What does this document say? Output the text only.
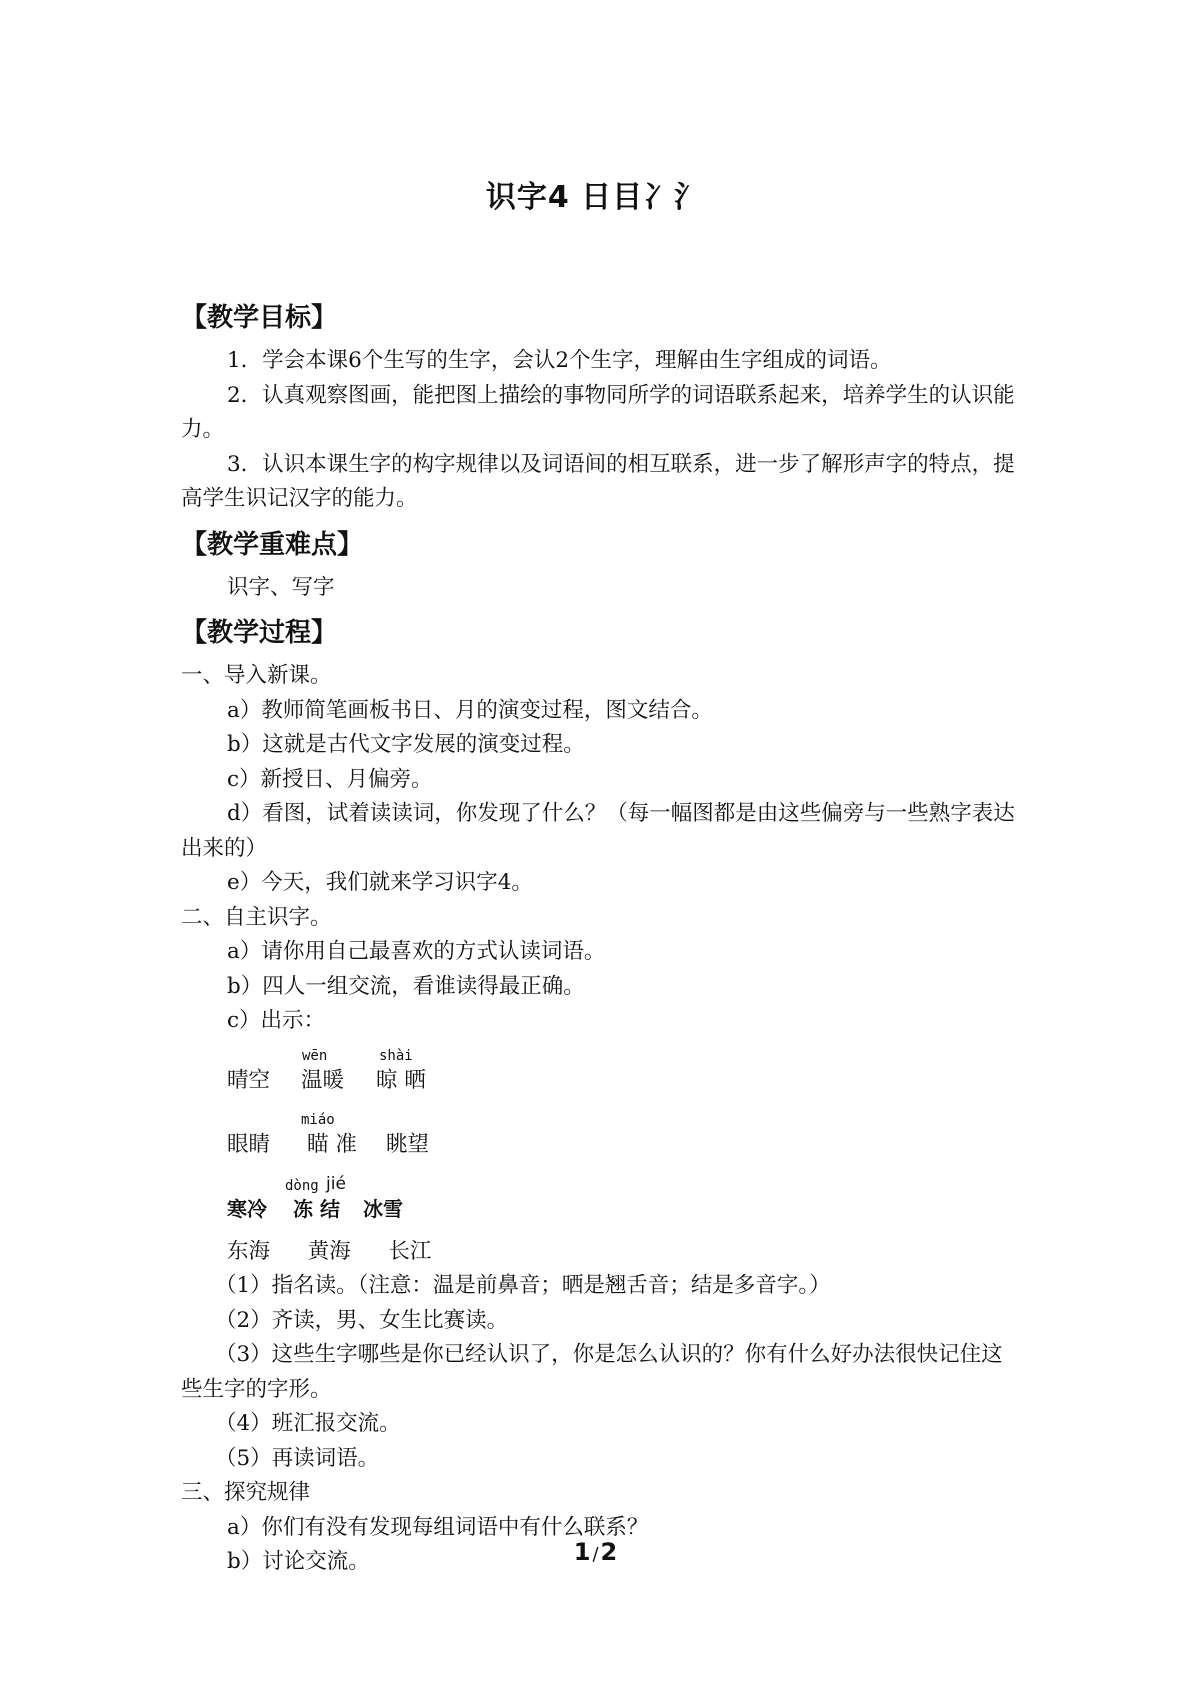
识字4 日目冫氵
【教学目标】

1．学会本课6个生写的生字，会认2个生字，理解由生字组成的词语。

2．认真观察图画，能把图上描绘的事物同所学的词语联系起来，培养学生的认识能力。

3．认识本课生字的构字规律以及词语间的相互联系，进一步了解形声字的特点，提高学生识记汉字的能力。

【教学重难点】

识字、写字

【教学过程】
一、导入新课。

a）教师简笔画板书日、月的演变过程，图文结合。

b）这就是古代文字发展的演变过程。

c）新授日、月偏旁。

d）看图，试着读读词，你发现了什么？（每一幅图都是由这些偏旁与一些熟字表达出来的）

e）今天，我们就来学习识字4。

二、自主识字。

a）请你用自己最喜欢的方式认读词语。

b）四人一组交流，看谁读得最正确。

c）出示：

wēn	shài
晴空 温暖 晾 晒
miáo
眼睛 瞄 准 眺望
dòng jié
寒冷 冻 结 冰雪
东海 黄海 长江

（1）指名读。（注意：温是前鼻音；晒是翘舌音；结是多音字。）

（2）齐读，男、女生比赛读。

（3）这些生字哪些是你已经认识了，你是怎么认识的？你有什么好办法很快记住这些生字的字形。

（4）班汇报交流。

（5）再读词语。

三、探究规律

a）你们有没有发现每组词语中有什么联系？

b）讨论交流。	1 /2
